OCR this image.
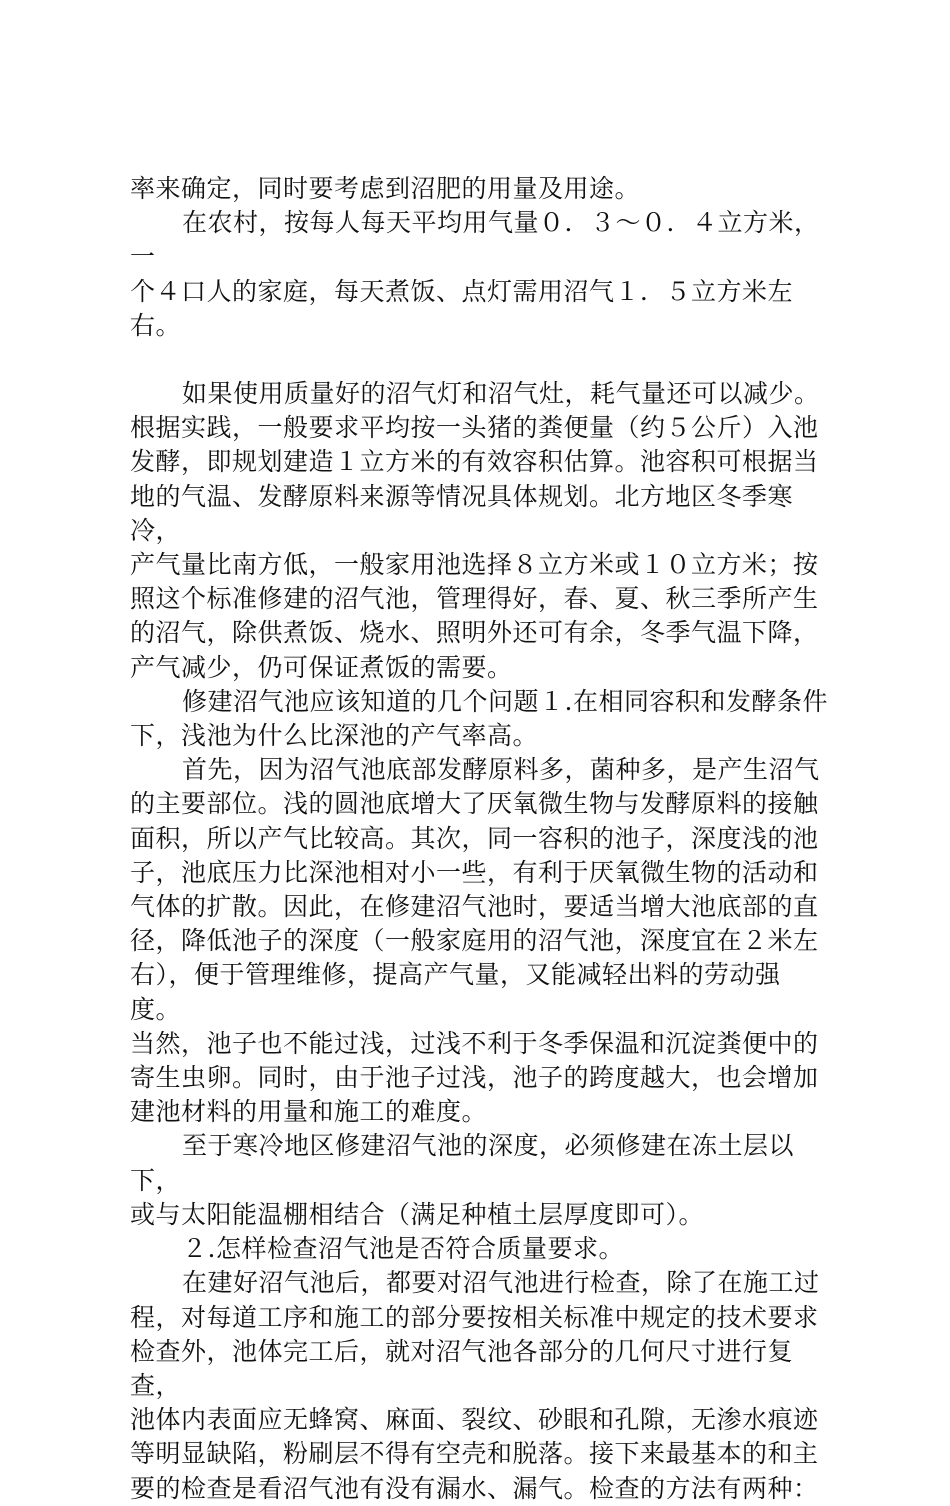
率来确定，同时要考虑到沼肥的用量及用途。

在农村，按每人每天平均用气量０．３～０．４立方米，一
个４口人的家庭，每天煮饭、点灯需用沼气１．５立方米左右。

如果使用质量好的沼气灯和沼气灶，耗气量还可以减少。
根据实践，一般要求平均按一头猪的粪便量（约５公斤）入池
发酵，即规划建造１立方米的有效容积估算。池容积可根据当
地的气温、发酵原料来源等情况具体规划。北方地区冬季寒冷，
产气量比南方低，一般家用池选择８立方米或１０立方米；按
照这个标准修建的沼气池，管理得好，春、夏、秋三季所产生
的沼气，除供煮饭、烧水、照明外还可有余，冬季气温下降，
产气减少，仍可保证煮饭的需要。

修建沼气池应该知道的几个问题１.在相同容积和发酵条件
下，浅池为什么比深池的产气率高。

首先，因为沼气池底部发酵原料多，菌种多，是产生沼气
的主要部位。浅的圆池底增大了厌氧微生物与发酵原料的接触
面积，所以产气比较高。其次，同一容积的池子，深度浅的池
子，池底压力比深池相对小一些，有利于厌氧微生物的活动和
气体的扩散。因此，在修建沼气池时，要适当增大池底部的直
径，降低池子的深度（一般家庭用的沼气池，深度宜在２米左
右），便于管理维修，提高产气量，又能减轻出料的劳动强度。
当然，池子也不能过浅，过浅不利于冬季保温和沉淀粪便中的
寄生虫卵。同时，由于池子过浅，池子的跨度越大，也会增加
建池材料的用量和施工的难度。

至于寒冷地区修建沼气池的深度，必须修建在冻土层以下，
或与太阳能温棚相结合（满足种植土层厚度即可）。

２.怎样检查沼气池是否符合质量要求。

在建好沼气池后，都要对沼气池进行检查，除了在施工过
程，对每道工序和施工的部分要按相关标准中规定的技术要求
检查外，池体完工后，就对沼气池各部分的几何尺寸进行复查，
池体内表面应无蜂窝、麻面、裂纹、砂眼和孔隙，无渗水痕迹
等明显缺陷，粉刷层不得有空壳和脱落。接下来最基本的和主
要的检查是看沼气池有没有漏水、漏气。检查的方法有两种：
